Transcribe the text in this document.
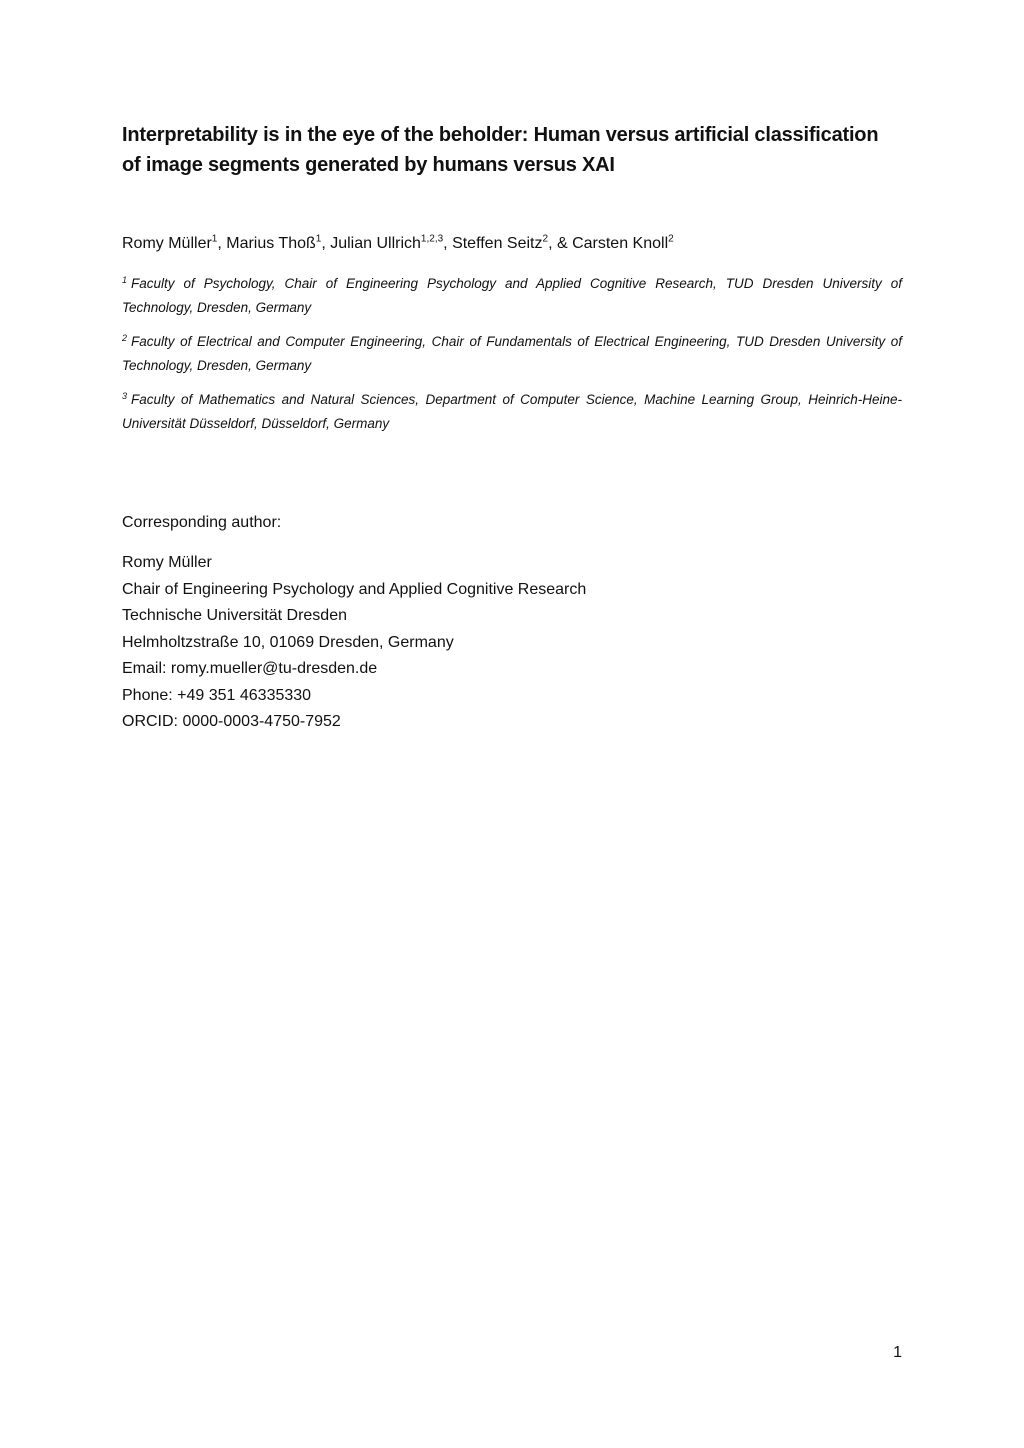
Interpretability is in the eye of the beholder: Human versus artificial classification of image segments generated by humans versus XAI
Romy Müller$^1$, Marius Thoß$^1$, Julian Ullrich$^{1,2,3}$, Steffen Seitz$^2$, & Carsten Knoll$^2$

$^1$ Faculty of Psychology, Chair of Engineering Psychology and Applied Cognitive Research, TUD Dresden University of Technology, Dresden, Germany

$^2$ Faculty of Electrical and Computer Engineering, Chair of Fundamentals of Electrical Engineering, TUD Dresden University of Technology, Dresden, Germany

$^3$ Faculty of Mathematics and Natural Sciences, Department of Computer Science, Machine Learning Group, Heinrich-Heine-Universität Düsseldorf, Düsseldorf, Germany

Corresponding author:
Romy Müller
Chair of Engineering Psychology and Applied Cognitive Research
Technische Universität Dresden
Helmholtzstraße 10, 01069 Dresden, Germany
Email: romy.mueller@tu-dresden.de
Phone: +49 351 46335330
ORCID: 0000-0003-4750-7952
1
